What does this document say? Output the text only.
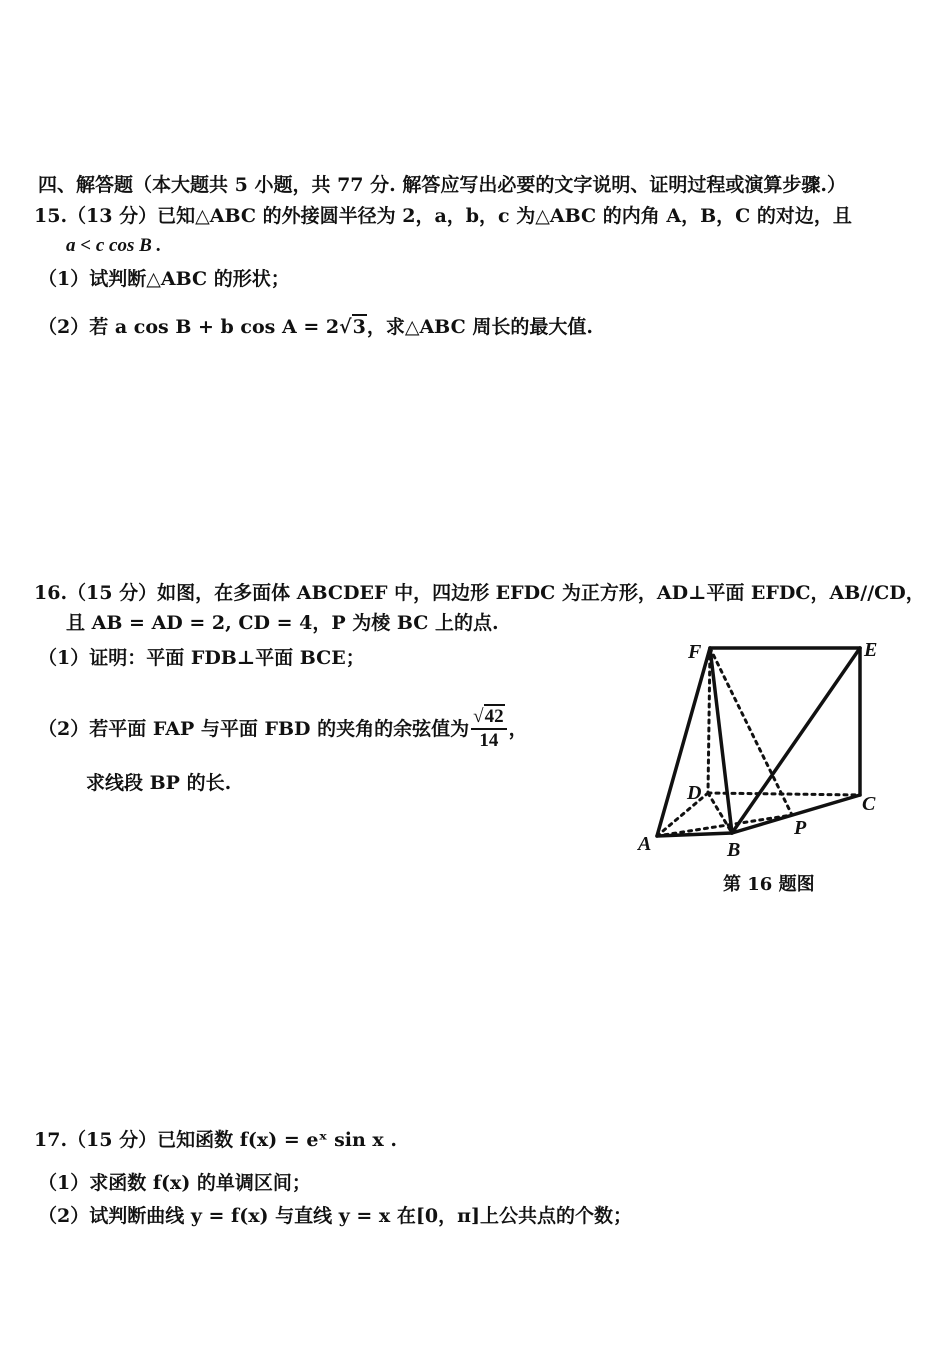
四、解答题（本大题共 5 小题，共 77 分. 解答应写出必要的文字说明、证明过程或演算步骤.）
15.（13 分）已知△ABC 的外接圆半径为 2，a，b，c 为△ABC 的内角 A，B，C 的对边，且
a < c cos B .
（1）试判断△ABC 的形状；
（2）若 a cos B + b cos A = 2√3，求△ABC 周长的最大值.
16.（15 分）如图，在多面体 ABCDEF 中，四边形 EFDC 为正方形，AD⊥平面 EFDC，AB//CD，
且 AB = AD = 2, CD = 4，P 为棱 BC 上的点.
（1）证明：平面 FDB⊥平面 BCE；
（2）若平面 FAP 与平面 FBD 的夹角的余弦值为 $\frac{√42}{14}$ ，
求线段 BP 的长.
F	E
D	C
A	B
P
第 16 题图
17.（15 分）已知函数 f(x) = eˣ sin x .
（1）求函数 f(x) 的单调区间；
（2）试判断曲线 y = f(x) 与直线 y = x 在[0，π]上公共点的个数；
